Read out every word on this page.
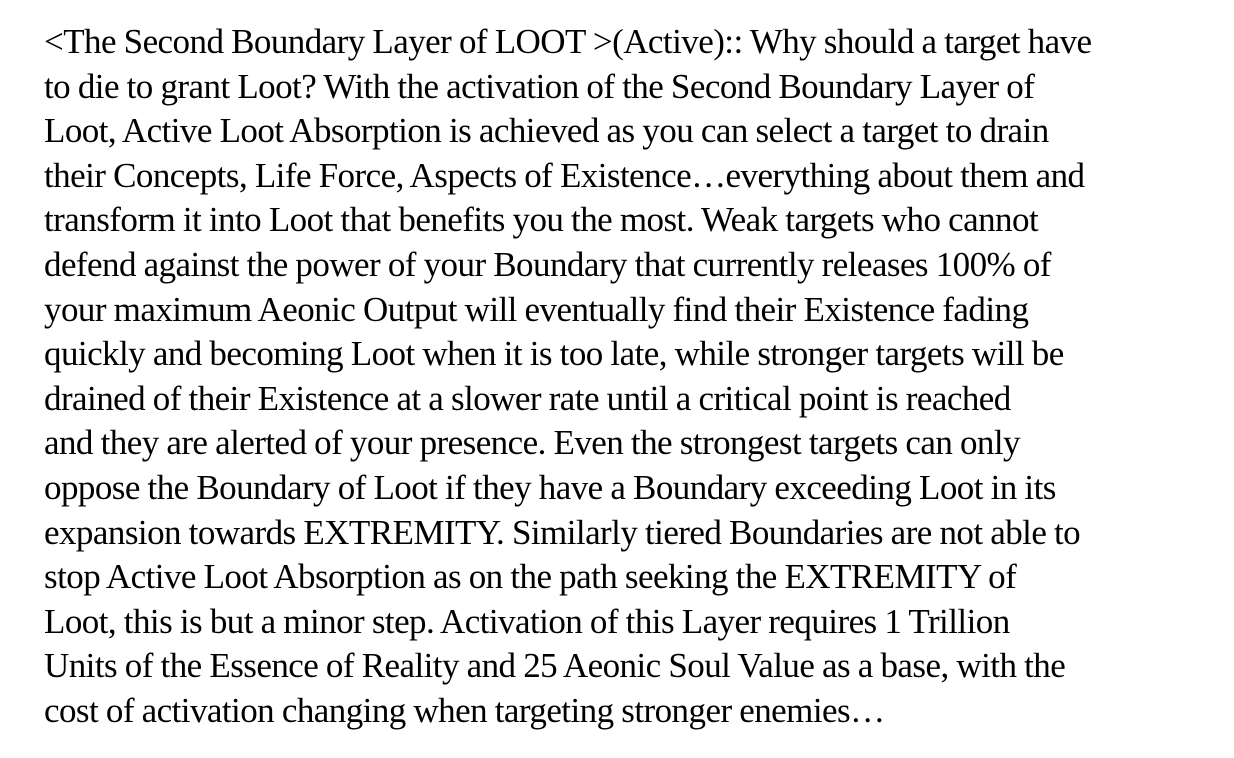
<The Second Boundary Layer of LOOT >(Active):: Why should a target have
to die to grant Loot? With the activation of the Second Boundary Layer of
Loot, Active Loot Absorption is achieved as you can select a target to drain
their Concepts, Life Force, Aspects of Existence…everything about them and
transform it into Loot that benefits you the most. Weak targets who cannot
defend against the power of your Boundary that currently releases 100% of
your maximum Aeonic Output will eventually find their Existence fading
quickly and becoming Loot when it is too late, while stronger targets will be
drained of their Existence at a slower rate until a critical point is reached
and they are alerted of your presence. Even the strongest targets can only
oppose the Boundary of Loot if they have a Boundary exceeding Loot in its
expansion towards EXTREMITY. Similarly tiered Boundaries are not able to
stop Active Loot Absorption as on the path seeking the EXTREMITY of
Loot, this is but a minor step. Activation of this Layer requires 1 Trillion
Units of the Essence of Reality and 25 Aeonic Soul Value as a base, with the
cost of activation changing when targeting stronger enemies…
